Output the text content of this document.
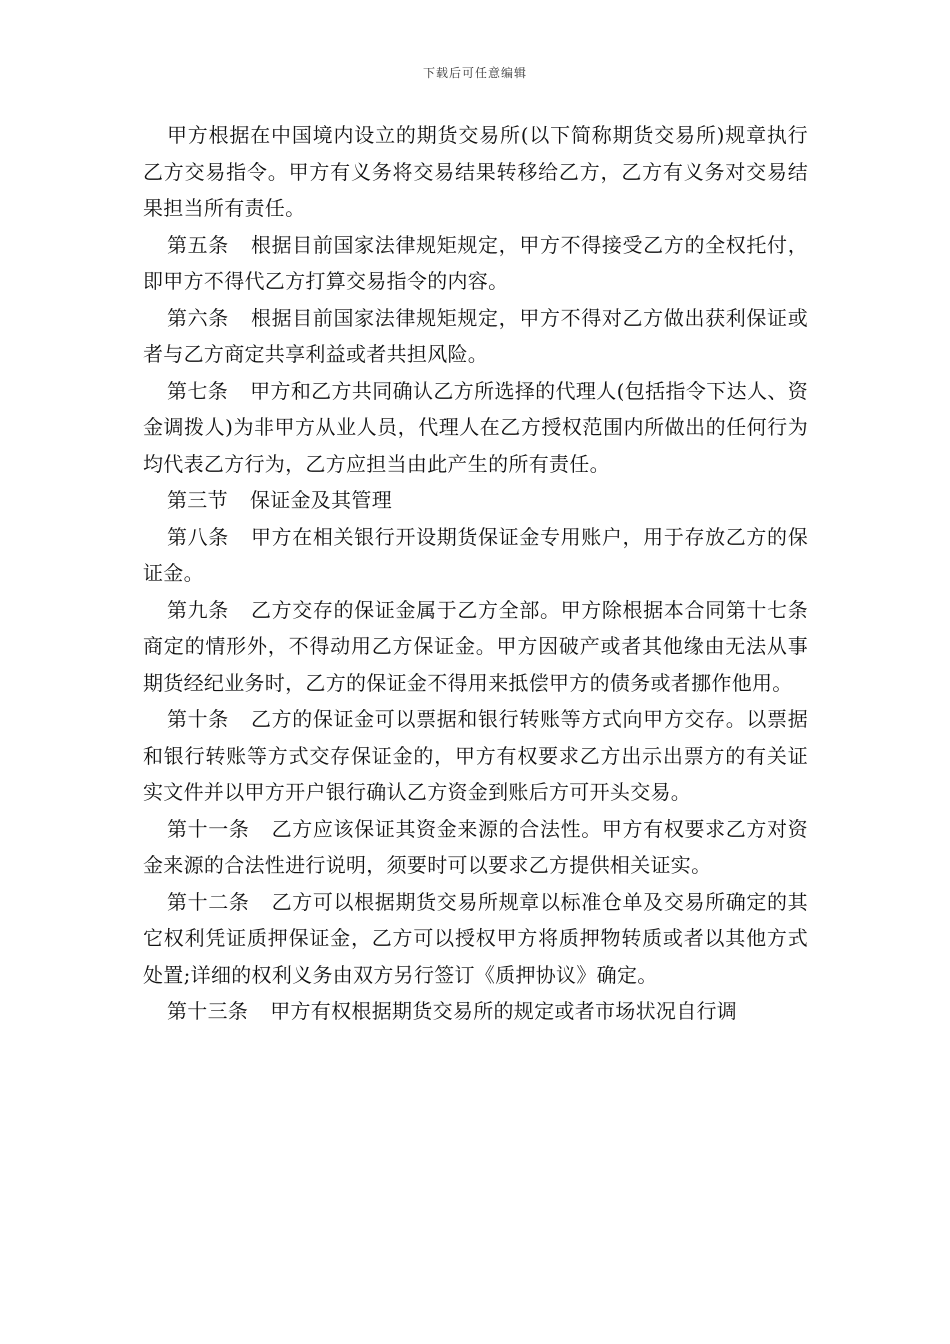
下载后可任意编辑

甲方根据在中国境内设立的期货交易所(以下简称期货交易所)规章执行乙方交易指令。甲方有义务将交易结果转移给乙方，乙方有义务对交易结果担当所有责任。

第五条 根据目前国家法律规矩规定，甲方不得接受乙方的全权托付，即甲方不得代乙方打算交易指令的内容。

第六条 根据目前国家法律规矩规定，甲方不得对乙方做出获利保证或者与乙方商定共享利益或者共担风险。

第七条 甲方和乙方共同确认乙方所选择的代理人(包括指令下达人、资金调拨人)为非甲方从业人员，代理人在乙方授权范围内所做出的任何行为均代表乙方行为，乙方应担当由此产生的所有责任。

第三节 保证金及其管理

第八条 甲方在相关银行开设期货保证金专用账户，用于存放乙方的保证金。

第九条 乙方交存的保证金属于乙方全部。甲方除根据本合同第十七条商定的情形外，不得动用乙方保证金。甲方因破产或者其他缘由无法从事期货经纪业务时，乙方的保证金不得用来抵偿甲方的债务或者挪作他用。

第十条 乙方的保证金可以票据和银行转账等方式向甲方交存。以票据和银行转账等方式交存保证金的，甲方有权要求乙方出示出票方的有关证实文件并以甲方开户银行确认乙方资金到账后方可开头交易。

第十一条 乙方应该保证其资金来源的合法性。甲方有权要求乙方对资金来源的合法性进行说明，须要时可以要求乙方提供相关证实。

第十二条 乙方可以根据期货交易所规章以标准仓单及交易所确定的其它权利凭证质押保证金，乙方可以授权甲方将质押物转质或者以其他方式处置;详细的权利义务由双方另行签订《质押协议》确定。

第十三条 甲方有权根据期货交易所的规定或者市场状况自行调
